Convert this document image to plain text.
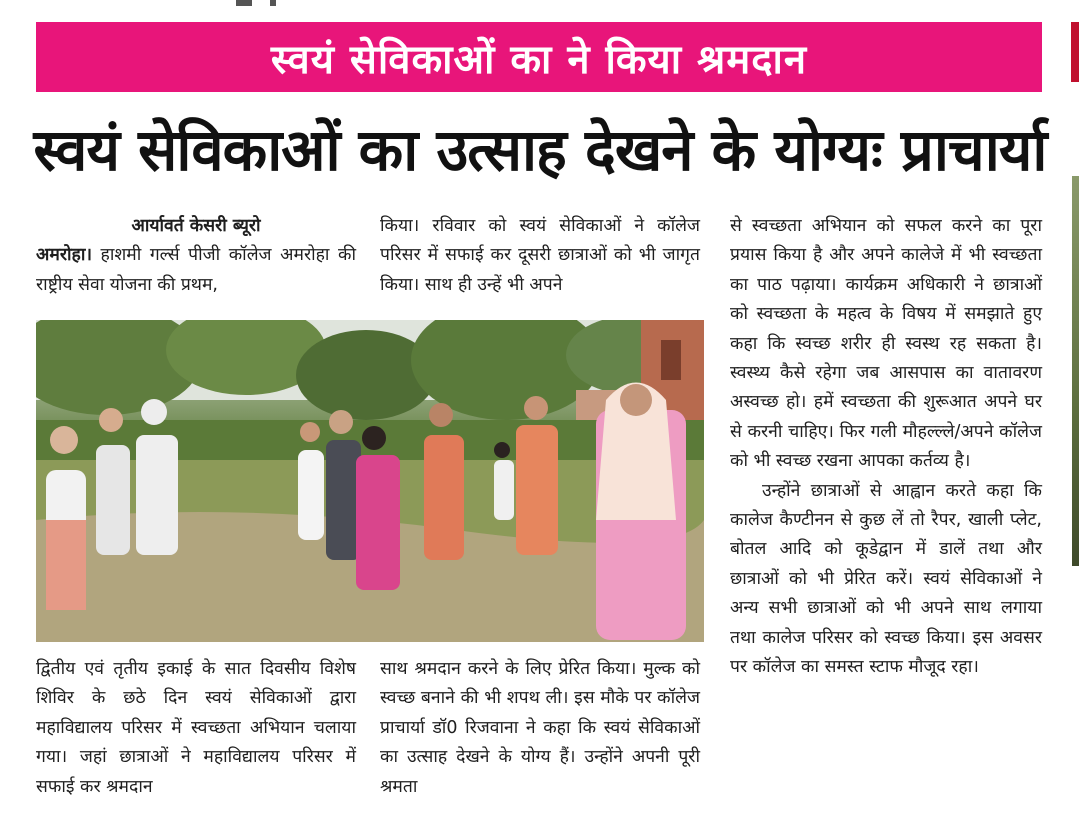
स्वयं सेविकाओं का ने किया श्रमदान
स्वयं सेविकाओं का उत्साह देखने के योग्यः प्राचार्या

आर्यावर्त केसरी ब्यूरो

अमरोहा। हाशमी गर्ल्स पीजी कॉलेज अमरोहा की राष्ट्रीय सेवा योजना की प्रथम,

किया। रविवार को स्वयं सेविकाओं ने कॉलेज परिसर में सफाई कर दूसरी छात्राओं को भी जागृत किया। साथ ही उन्हें भी अपने

से स्वच्छता अभियान को सफल करने का पूरा प्रयास किया है और अपने कालेजे में भी स्वच्छता का पाठ पढ़ाया। कार्यक्रम अधिकारी ने छात्राओं को स्वच्छता के महत्व के विषय में समझाते हुए कहा कि स्वच्छ शरीर ही स्वस्थ रह सकता है। स्वस्थ्य कैसे रहेगा जब आसपास का वातावरण अस्वच्छ हो। हमें स्वच्छता की शुरूआत अपने घर से करनी चाहिए। फिर गली मौहल्ल्ले/अपने कॉलेज को भी स्वच्छ रखना आपका कर्तव्य है।

उन्होंने छात्राओं से आह्वान करते कहा कि कालेज कैण्टीनन से कुछ लें तो रैपर, खाली प्लेट, बोतल आदि को कूडेद्वान में डालें तथा और छात्राओं को भी प्रेरित करें। स्वयं सेविकाओं ने अन्य सभी छात्राओं को भी अपने साथ लगाया तथा कालेज परिसर को स्वच्छ किया। इस अवसर पर कॉलेज का समस्त स्टाफ मौजूद रहा।

द्वितीय एवं तृतीय इकाई के सात दिवसीय विशेष शिविर के छठे दिन स्वयं सेविकाओं द्वारा महाविद्यालय परिसर में स्वच्छता अभियान चलाया गया। जहां छात्राओं ने महाविद्यालय परिसर में सफाई कर श्रमदान

साथ श्रमदान करने के लिए प्रेरित किया। मुल्क को स्वच्छ बनाने की भी शपथ ली। इस मौके पर कॉलेज प्राचार्या डॉ0 रिजवाना ने कहा कि स्वयं सेविकाओं का उत्साह देखने के योग्य हैं। उन्होंने अपनी पूरी श्रमता
